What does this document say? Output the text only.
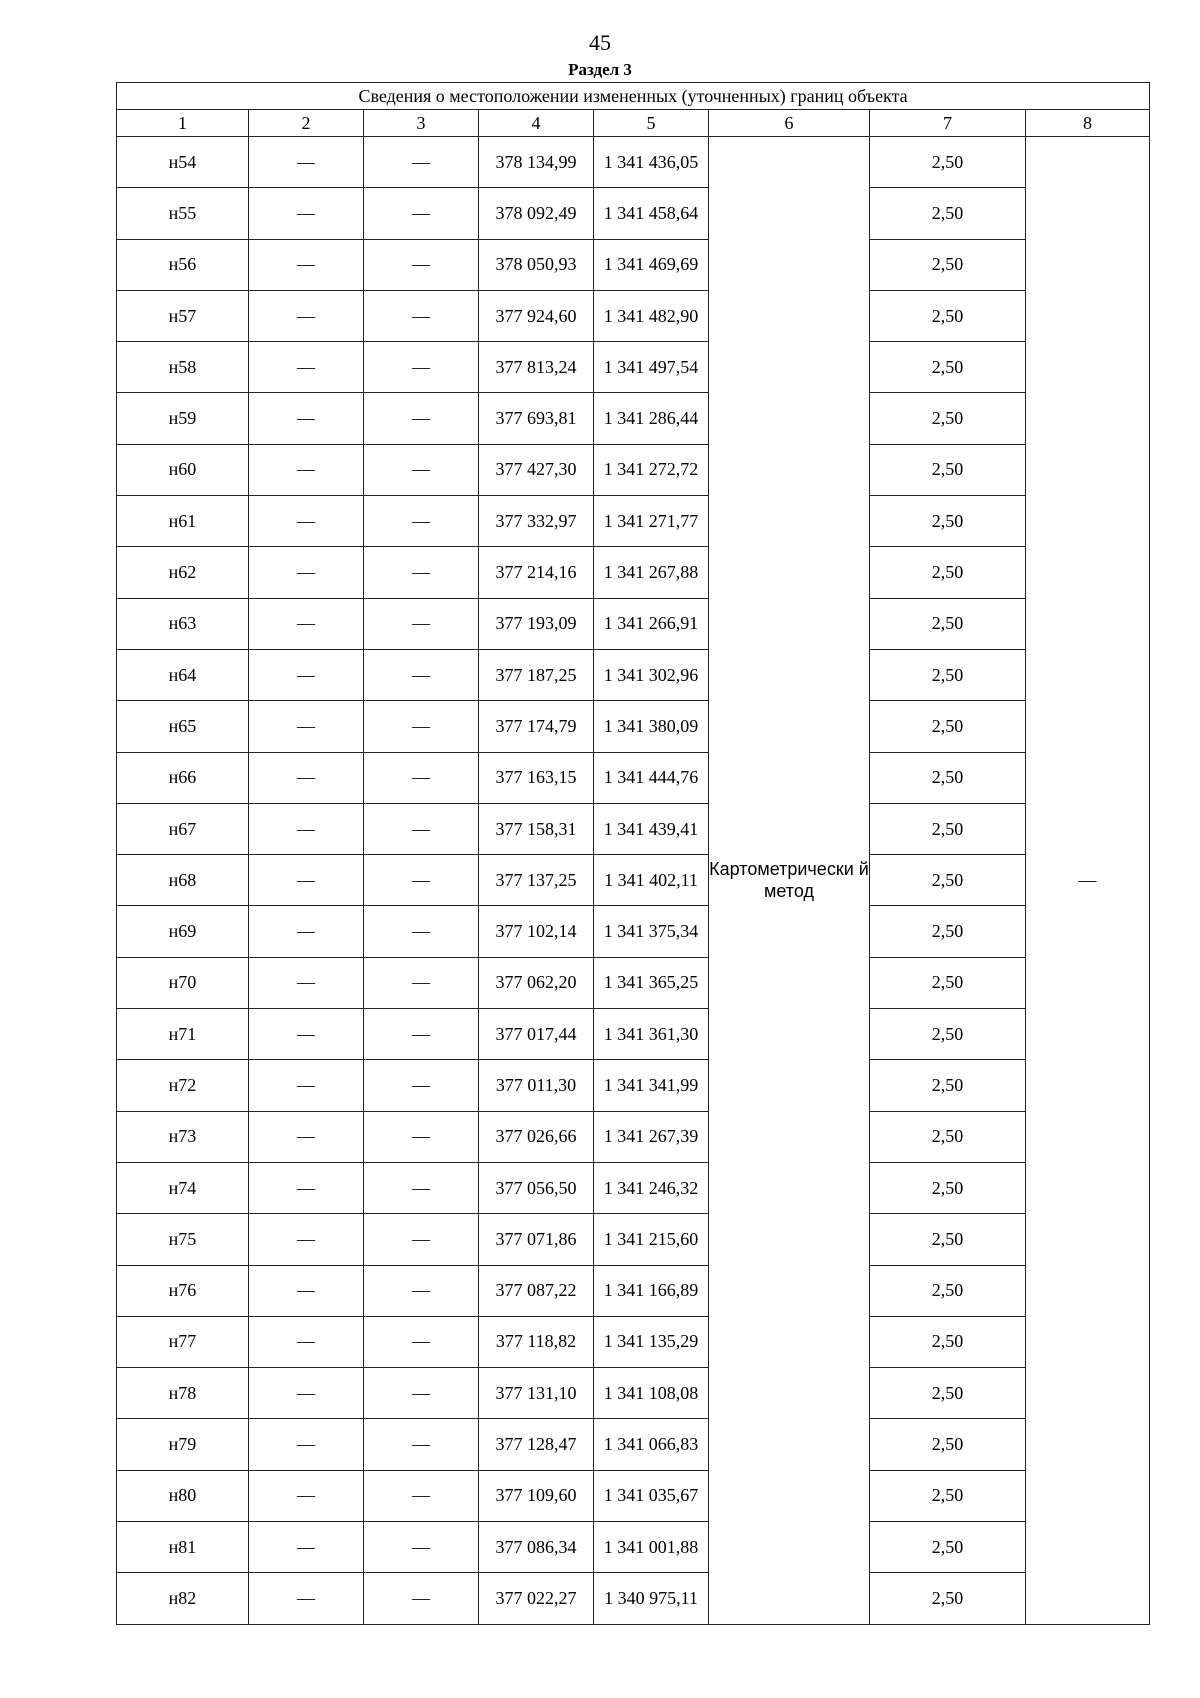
45
Раздел 3
Сведения о местоположении измененных (уточненных) границ объекта							
1	2	3	4	5	6	7	8
н54	—	—	378 134,99	1 341 436,05	Картометрически й метод	2,50	—
н55	—	—	378 092,49	1 341 458,64		2,50	
н56	—	—	378 050,93	1 341 469,69		2,50	
н57	—	—	377 924,60	1 341 482,90		2,50	
н58	—	—	377 813,24	1 341 497,54		2,50	
н59	—	—	377 693,81	1 341 286,44		2,50	
н60	—	—	377 427,30	1 341 272,72		2,50	
н61	—	—	377 332,97	1 341 271,77		2,50	
н62	—	—	377 214,16	1 341 267,88		2,50	
н63	—	—	377 193,09	1 341 266,91		2,50	
н64	—	—	377 187,25	1 341 302,96		2,50	
н65	—	—	377 174,79	1 341 380,09		2,50	
н66	—	—	377 163,15	1 341 444,76		2,50	
н67	—	—	377 158,31	1 341 439,41		2,50	
н68	—	—	377 137,25	1 341 402,11		2,50	
н69	—	—	377 102,14	1 341 375,34		2,50	
н70	—	—	377 062,20	1 341 365,25		2,50	
н71	—	—	377 017,44	1 341 361,30		2,50	
н72	—	—	377 011,30	1 341 341,99		2,50	
н73	—	—	377 026,66	1 341 267,39		2,50	
н74	—	—	377 056,50	1 341 246,32		2,50	
н75	—	—	377 071,86	1 341 215,60		2,50	
н76	—	—	377 087,22	1 341 166,89		2,50	
н77	—	—	377 118,82	1 341 135,29		2,50	
н78	—	—	377 131,10	1 341 108,08		2,50	
н79	—	—	377 128,47	1 341 066,83		2,50	
н80	—	—	377 109,60	1 341 035,67		2,50	
н81	—	—	377 086,34	1 341 001,88		2,50	
н82	—	—	377 022,27	1 340 975,11		2,50	
